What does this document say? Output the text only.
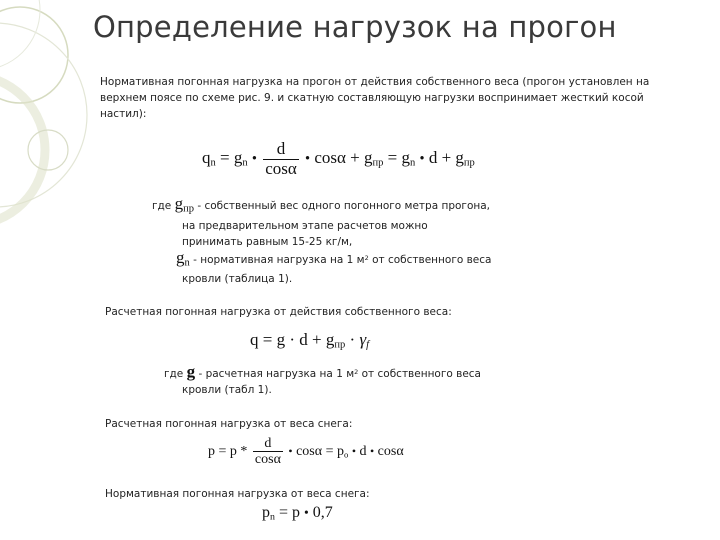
Определение нагрузок на прогон
Нормативная погонная нагрузка на прогон от действия собственного веса (прогон установлен на верхнем поясе по схеме рис. 9. и скатную составляющую нагрузки воспринимает жесткий косой настил):
$q_n = g_n$ • $\frac{d}{\cos\alpha}$ • $\cos\alpha + g_{пр} = g_n$ • $d + g_{пр}$
где $g_{пр}$ - собственный вес одного погонного метра прогона,
на предварительном этапе расчетов можно
принимать равным 15-25 кг/м,
$g_n$ - нормативная нагрузка на 1 $м^2$ от собственного веса
кровли (таблица 1).
Расчетная погонная нагрузка от действия собственного веса:
$q = g \cdot d + g_{пр} \cdot \gamma_f$
где g - расчетная нагрузка на 1 $м^2$ от собственного веса
кровли (табл 1).
Расчетная погонная нагрузка от веса снега:
$p = p * \frac{d}{\cos\alpha}$ • $\cos\alpha = p_o$ • d • cosα
Нормативная погонная нагрузка от веса снега:
$p_n = p$ • 0,7
